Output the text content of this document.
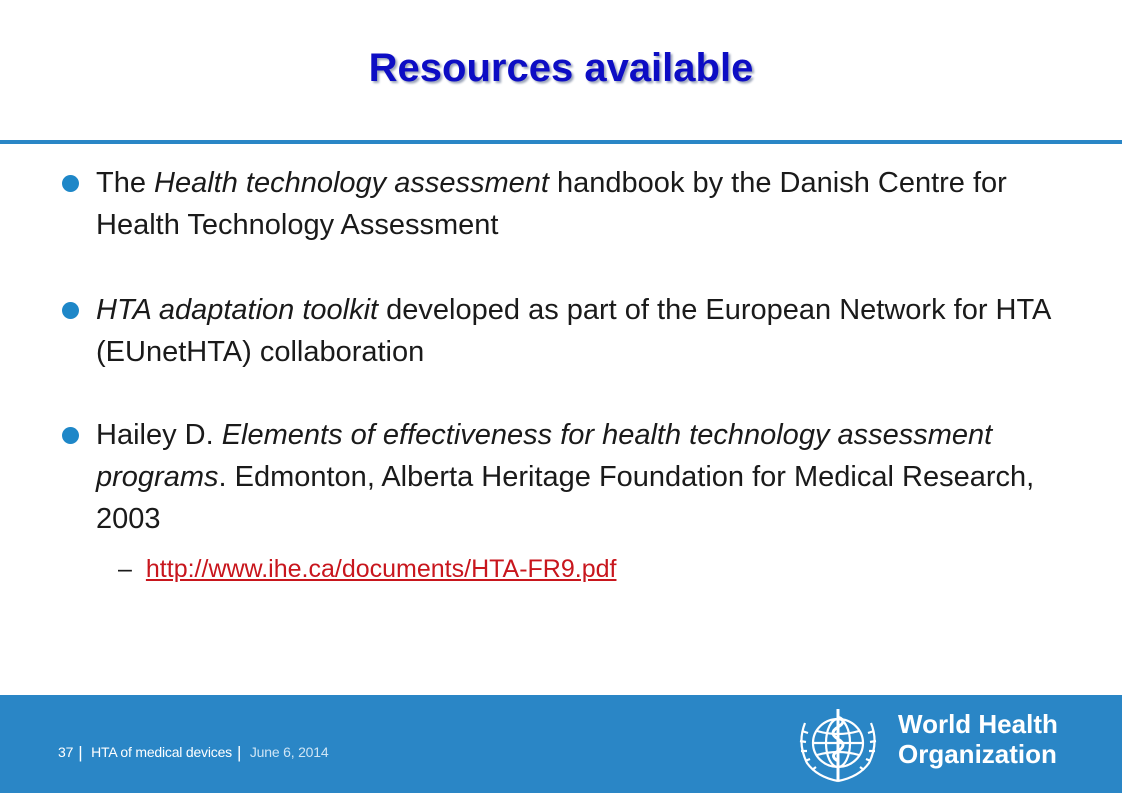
Resources available
The Health technology assessment handbook by the Danish Centre for Health Technology Assessment
HTA adaptation toolkit developed as part of the European Network for HTA (EUnetHTA) collaboration
Hailey D. Elements of effectiveness for health technology assessment programs. Edmonton, Alberta Heritage Foundation for Medical Research, 2003
– http://www.ihe.ca/documents/HTA-FR9.pdf
37 | HTA of medical devices | June 6, 2014
World Health
Organization
